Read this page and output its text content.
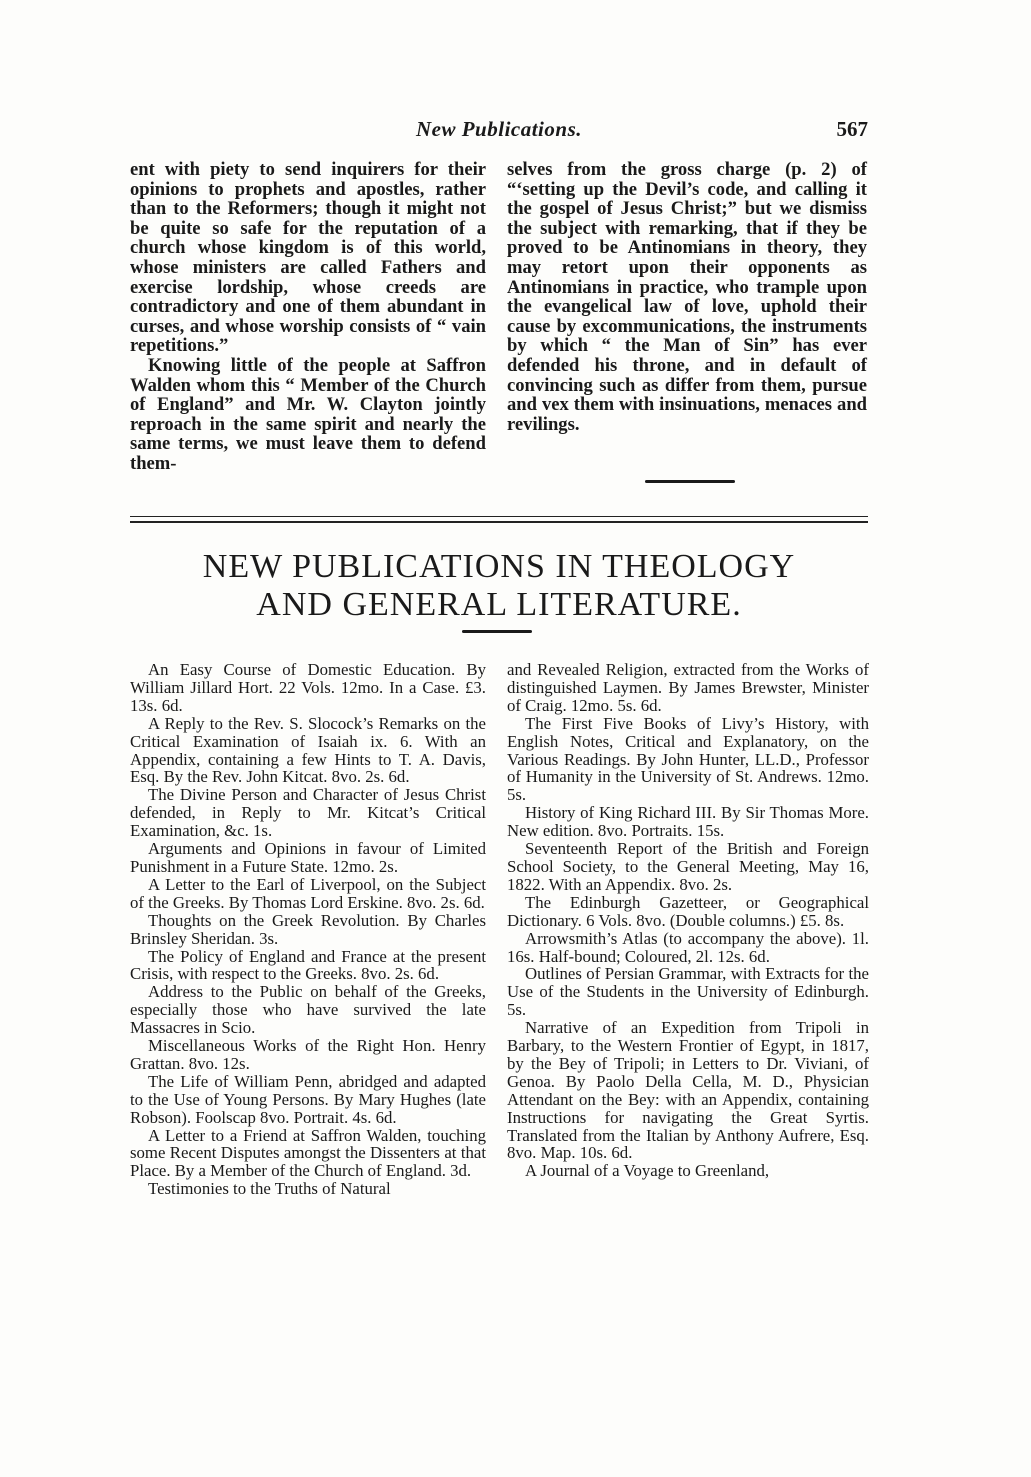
New Publications.	567

ent with piety to send inquirers for their opinions to prophets and apostles, rather than to the Reformers; though it might not be quite so safe for the reputation of a church whose kingdom is of this world, whose ministers are called Fathers and exercise lordship, whose creeds are contradictory and one of them abundant in curses, and whose worship consists of “ vain repetitions.”

Knowing little of the people at Saffron Walden whom this “ Member of the Church of England” and Mr. W. Clayton jointly reproach in the same spirit and nearly the same terms, we must leave them to defend them-

selves from the gross charge (p. 2) of “‘setting up the Devil’s code, and calling it the gospel of Jesus Christ;” but we dismiss the subject with remarking, that if they be proved to be Antinomians in theory, they may retort upon their opponents as Antinomians in practice, who trample upon the evangelical law of love, uphold their cause by excommunications, the instruments by which “ the Man of Sin” has ever defended his throne, and in default of convincing such as differ from them, pursue and vex them with insinuations, menaces and revilings.

NEW PUBLICATIONS IN THEOLOGY
AND GENERAL LITERATURE.

An Easy Course of Domestic Education. By William Jillard Hort. 22 Vols. 12mo. In a Case. £3. 13s. 6d.

A Reply to the Rev. S. Slocock’s Remarks on the Critical Examination of Isaiah ix. 6. With an Appendix, containing a few Hints to T. A. Davis, Esq. By the Rev. John Kitcat. 8vo. 2s. 6d.

The Divine Person and Character of Jesus Christ defended, in Reply to Mr. Kitcat’s Critical Examination, &c. 1s.

Arguments and Opinions in favour of Limited Punishment in a Future State. 12mo. 2s.

A Letter to the Earl of Liverpool, on the Subject of the Greeks. By Thomas Lord Erskine. 8vo. 2s. 6d.

Thoughts on the Greek Revolution. By Charles Brinsley Sheridan. 3s.

The Policy of England and France at the present Crisis, with respect to the Greeks. 8vo. 2s. 6d.

Address to the Public on behalf of the Greeks, especially those who have survived the late Massacres in Scio.

Miscellaneous Works of the Right Hon. Henry Grattan. 8vo. 12s.

The Life of William Penn, abridged and adapted to the Use of Young Persons. By Mary Hughes (late Robson). Foolscap 8vo. Portrait. 4s. 6d.

A Letter to a Friend at Saffron Walden, touching some Recent Disputes amongst the Dissenters at that Place. By a Member of the Church of England. 3d.

Testimonies to the Truths of Natural

and Revealed Religion, extracted from the Works of distinguished Laymen. By James Brewster, Minister of Craig. 12mo. 5s. 6d.

The First Five Books of Livy’s History, with English Notes, Critical and Explanatory, on the Various Readings. By John Hunter, LL.D., Professor of Humanity in the University of St. Andrews. 12mo. 5s.

History of King Richard III. By Sir Thomas More. New edition. 8vo. Portraits. 15s.

Seventeenth Report of the British and Foreign School Society, to the General Meeting, May 16, 1822. With an Appendix. 8vo. 2s.

The Edinburgh Gazetteer, or Geographical Dictionary. 6 Vols. 8vo. (Double columns.) £5. 8s.

Arrowsmith’s Atlas (to accompany the above). 1l. 16s. Half-bound; Coloured, 2l. 12s. 6d.

Outlines of Persian Grammar, with Extracts for the Use of the Students in the University of Edinburgh. 5s.

Narrative of an Expedition from Tripoli in Barbary, to the Western Frontier of Egypt, in 1817, by the Bey of Tripoli; in Letters to Dr. Viviani, of Genoa. By Paolo Della Cella, M. D., Physician Attendant on the Bey: with an Appendix, containing Instructions for navigating the Great Syrtis. Translated from the Italian by Anthony Aufrere, Esq. 8vo. Map. 10s. 6d.

A Journal of a Voyage to Greenland,
